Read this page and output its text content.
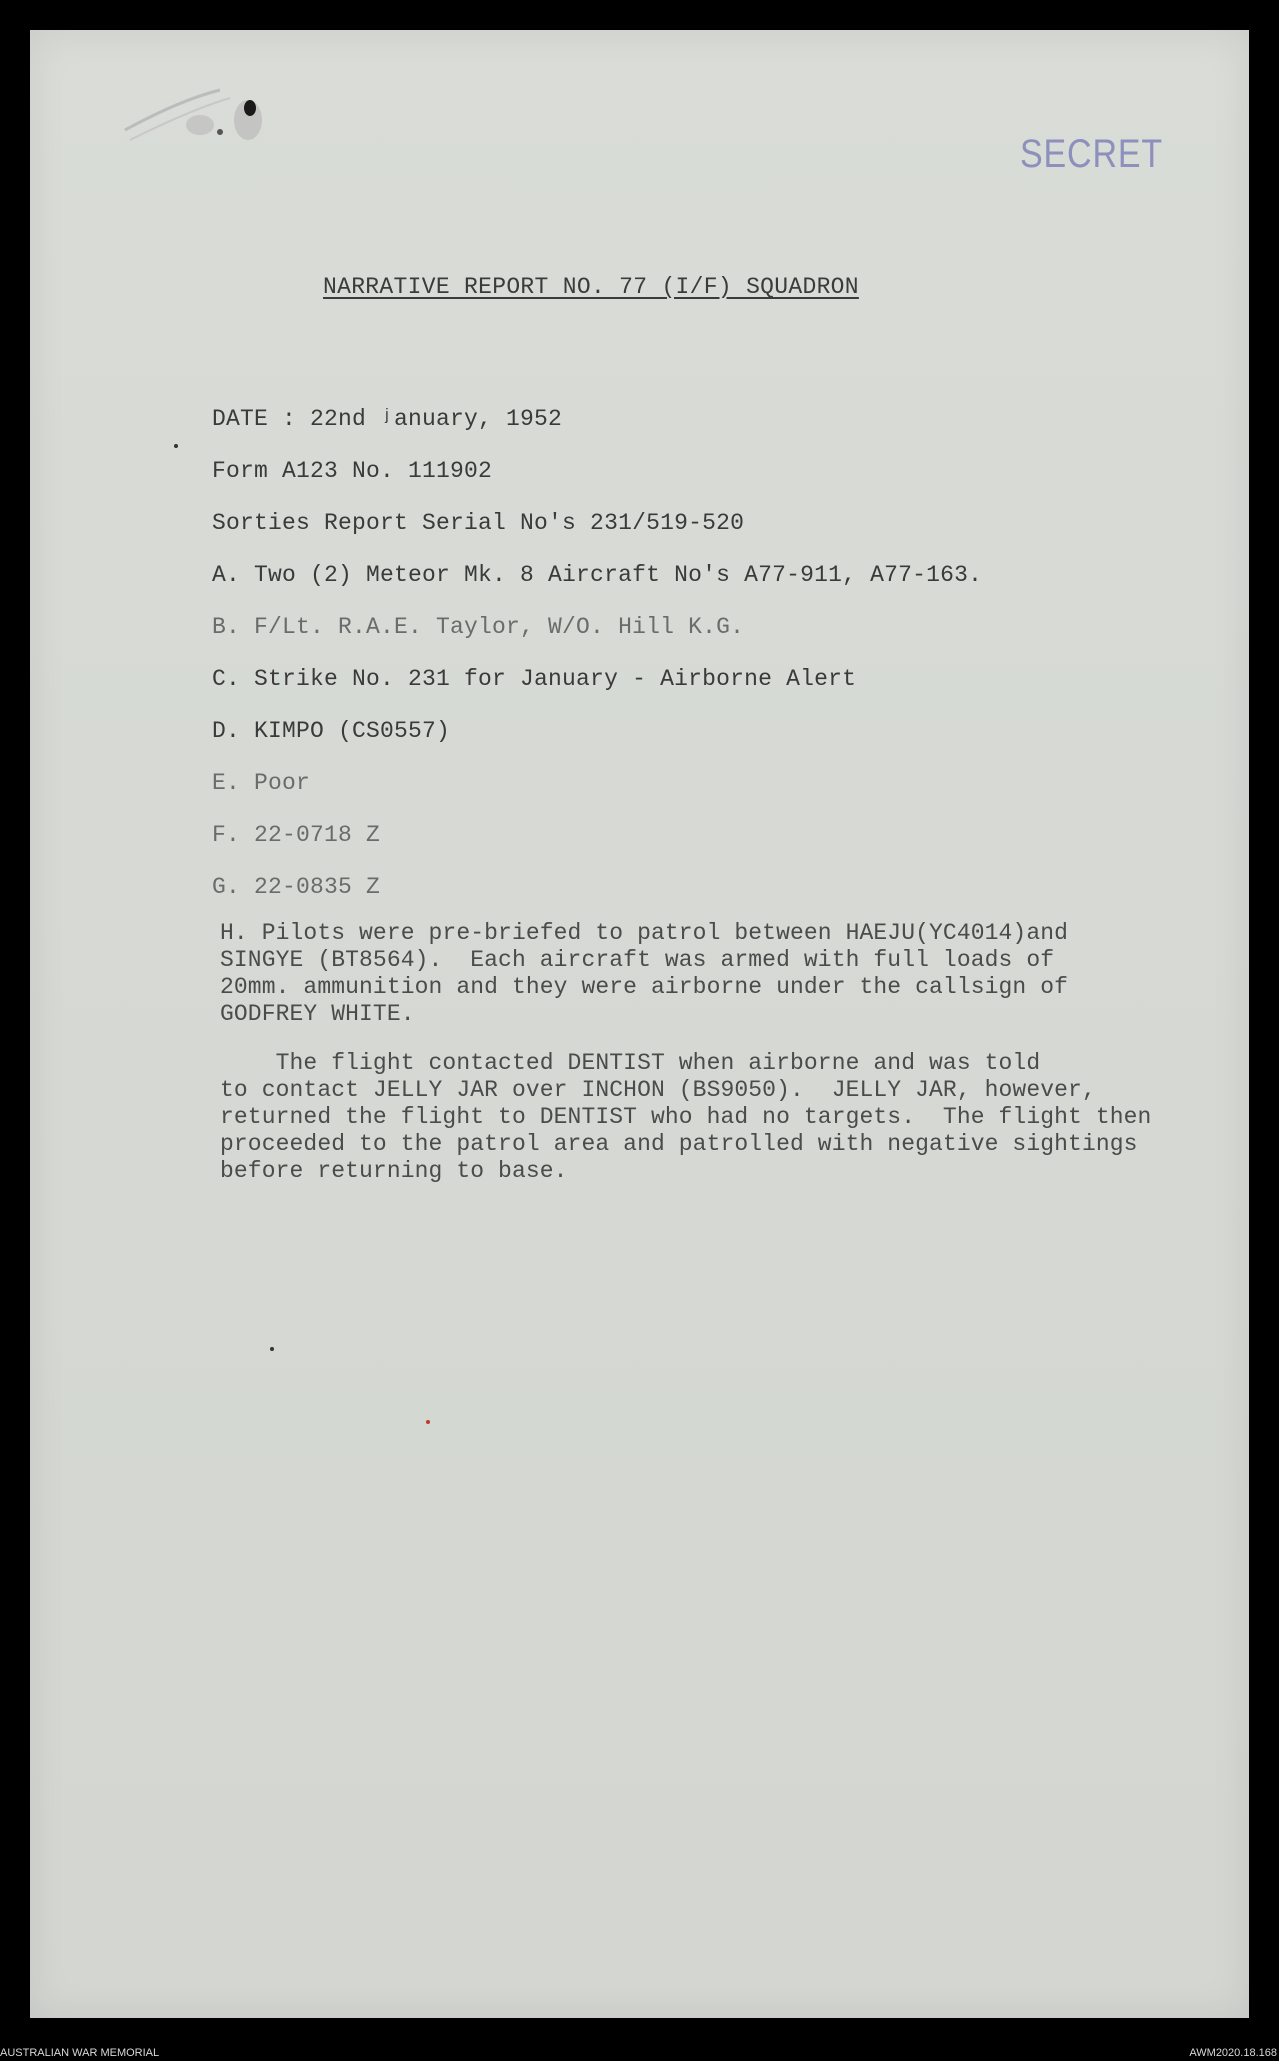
SECRET
NARRATIVE REPORT NO. 77 (I/F) SQUADRON
DATE : 22nd ʲanuary, 1952
Form A123 No. 111902
Sorties Report Serial No's 231/519-520
A. Two (2) Meteor Mk. 8 Aircraft No's A77-911, A77-163.
B. F/Lt. R.A.E. Taylor, W/O. Hill K.G.
C. Strike No. 231 for January - Airborne Alert
D. KIMPO (CS0557)
E. Poor
F. 22-0718 Z
G. 22-0835 Z
H. Pilots were pre-briefed to patrol between HAEJU(YC4014)and
SINGYE (BT8564).  Each aircraft was armed with full loads of
20mm. ammunition and they were airborne under the callsign of
GODFREY WHITE.
The flight contacted DENTIST when airborne and was told
to contact JELLY JAR over INCHON (BS9050).  JELLY JAR, however,
returned the flight to DENTIST who had no targets.  The flight then
proceeded to the patrol area and patrolled with negative sightings
before returning to base.
AUSTRALIAN WAR MEMORIAL	AWM2020.18.168
